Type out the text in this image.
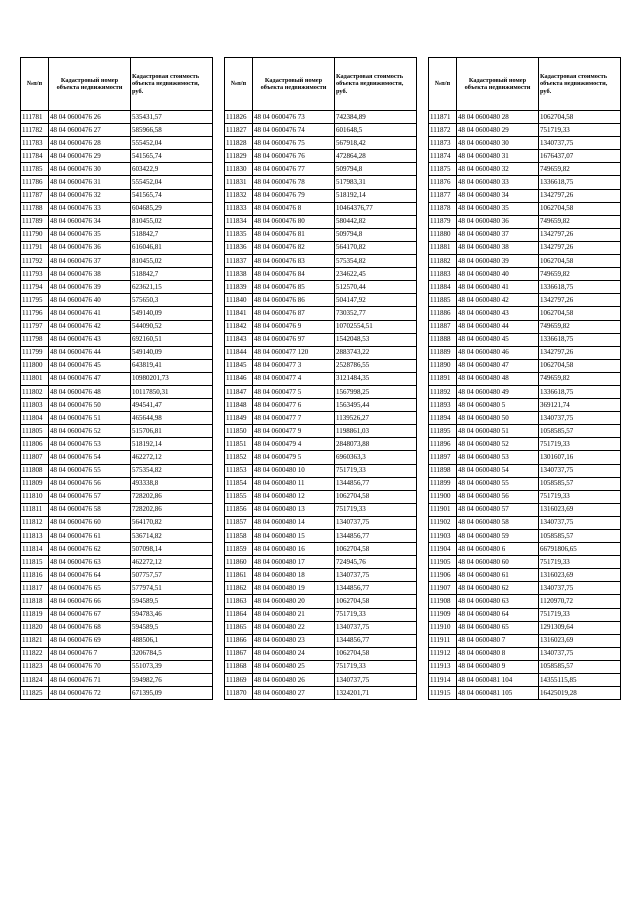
№п/п	Кадастровый номер объекта недвижимости	Кадастровая стоимость объекта недвижимости, руб.
111781	48 04 0600476 26	535431,57
111782	48 04 0600476 27	585966,58
111783	48 04 0600476 28	555452,04
111784	48 04 0600476 29	541565,74
111785	48 04 0600476 30	603422,9
111786	48 04 0600476 31	555452,04
111787	48 04 0600476 32	541565,74
111788	48 04 0600476 33	604685,29
111789	48 04 0600476 34	810455,02
111790	48 04 0600476 35	518842,7
111791	48 04 0600476 36	616046,81
111792	48 04 0600476 37	810455,02
111793	48 04 0600476 38	518842,7
111794	48 04 0600476 39	623621,15
111795	48 04 0600476 40	575650,3
111796	48 04 0600476 41	549140,09
111797	48 04 0600476 42	544090,52
111798	48 04 0600476 43	692160,51
111799	48 04 0600476 44	549140,09
111800	48 04 0600476 45	643819,41
111801	48 04 0600476 47	10980201,73
111802	48 04 0600476 48	10117850,31
111803	48 04 0600476 50	494541,47
111804	48 04 0600476 51	465644,98
111805	48 04 0600476 52	515706,81
111806	48 04 0600476 53	518192,14
111807	48 04 0600476 54	462272,12
111808	48 04 0600476 55	575354,82
111809	48 04 0600476 56	493338,8
111810	48 04 0600476 57	728202,86
111811	48 04 0600476 58	728202,86
111812	48 04 0600476 60	564170,82
111813	48 04 0600476 61	536714,82
111814	48 04 0600476 62	507098,14
111815	48 04 0600476 63	462272,12
111816	48 04 0600476 64	507757,57
111817	48 04 0600476 65	577974,51
111818	48 04 0600476 66	594589,5
111819	48 04 0600476 67	594783,46
111820	48 04 0600476 68	594589,5
111821	48 04 0600476 69	488506,1
111822	48 04 0600476 7	3206784,5
111823	48 04 0600476 70	551073,39
111824	48 04 0600476 71	594982,76
111825	48 04 0600476 72	671395,09
№п/п	Кадастровый номер объекта недвижимости	Кадастровая стоимость объекта недвижимости, руб.
111826	48 04 0600476 73	742384,89
111827	48 04 0600476 74	601648,5
111828	48 04 0600476 75	567918,42
111829	48 04 0600476 76	472864,28
111830	48 04 0600476 77	509794,8
111831	48 04 0600476 78	517983,31
111832	48 04 0600476 79	518192,14
111833	48 04 0600476 8	10464376,77
111834	48 04 0600476 80	580442,82
111835	48 04 0600476 81	509794,8
111836	48 04 0600476 82	564170,82
111837	48 04 0600476 83	575354,82
111838	48 04 0600476 84	234622,45
111839	48 04 0600476 85	512570,44
111840	48 04 0600476 86	504147,92
111841	48 04 0600476 87	730352,77
111842	48 04 0600476 9	10702554,51
111843	48 04 0600476 97	1542048,53
111844	48 04 0600477 120	2883743,22
111845	48 04 0600477 3	2528786,55
111846	48 04 0600477 4	3121484,35
111847	48 04 0600477 5	1567998,25
111848	48 04 0600477 6	1563495,44
111849	48 04 0600477 7	1139526,27
111850	48 04 0600477 9	1198861,03
111851	48 04 0600479 4	2848073,88
111852	48 04 0600479 5	6960363,3
111853	48 04 0600480 10	751719,33
111854	48 04 0600480 11	1344856,77
111855	48 04 0600480 12	1062704,58
111856	48 04 0600480 13	751719,33
111857	48 04 0600480 14	1340737,75
111858	48 04 0600480 15	1344856,77
111859	48 04 0600480 16	1062704,58
111860	48 04 0600480 17	724945,76
111861	48 04 0600480 18	1340737,75
111862	48 04 0600480 19	1344856,77
111863	48 04 0600480 20	1062704,58
111864	48 04 0600480 21	751719,33
111865	48 04 0600480 22	1340737,75
111866	48 04 0600480 23	1344856,77
111867	48 04 0600480 24	1062704,58
111868	48 04 0600480 25	751719,33
111869	48 04 0600480 26	1340737,75
111870	48 04 0600480 27	1324201,71
№п/п	Кадастровый номер объекта недвижимости	Кадастровая стоимость объекта недвижимости, руб.
111871	48 04 0600480 28	1062704,58
111872	48 04 0600480 29	751719,33
111873	48 04 0600480 30	1340737,75
111874	48 04 0600480 31	1676437,07
111875	48 04 0600480 32	749659,82
111876	48 04 0600480 33	1336618,75
111877	48 04 0600480 34	1342797,26
111878	48 04 0600480 35	1062704,58
111879	48 04 0600480 36	749659,82
111880	48 04 0600480 37	1342797,26
111881	48 04 0600480 38	1342797,26
111882	48 04 0600480 39	1062704,58
111883	48 04 0600480 40	749659,82
111884	48 04 0600480 41	1336618,75
111885	48 04 0600480 42	1342797,26
111886	48 04 0600480 43	1062704,58
111887	48 04 0600480 44	749659,82
111888	48 04 0600480 45	1336618,75
111889	48 04 0600480 46	1342797,26
111890	48 04 0600480 47	1062704,58
111891	48 04 0600480 48	749659,82
111892	48 04 0600480 49	1336618,75
111893	48 04 0600480 5	369121,74
111894	48 04 0600480 50	1340737,75
111895	48 04 0600480 51	1058585,57
111896	48 04 0600480 52	751719,33
111897	48 04 0600480 53	1301607,16
111898	48 04 0600480 54	1340737,75
111899	48 04 0600480 55	1058585,57
111900	48 04 0600480 56	751719,33
111901	48 04 0600480 57	1316023,69
111902	48 04 0600480 58	1340737,75
111903	48 04 0600480 59	1058585,57
111904	48 04 0600480 6	66791806,65
111905	48 04 0600480 60	751719,33
111906	48 04 0600480 61	1316023,69
111907	48 04 0600480 62	1340737,75
111908	48 04 0600480 63	1120970,72
111909	48 04 0600480 64	751719,33
111910	48 04 0600480 65	1291309,64
111911	48 04 0600480 7	1316023,69
111912	48 04 0600480 8	1340737,75
111913	48 04 0600480 9	1058585,57
111914	48 04 0600481 104	14355115,85
111915	48 04 0600481 105	16425019,28
